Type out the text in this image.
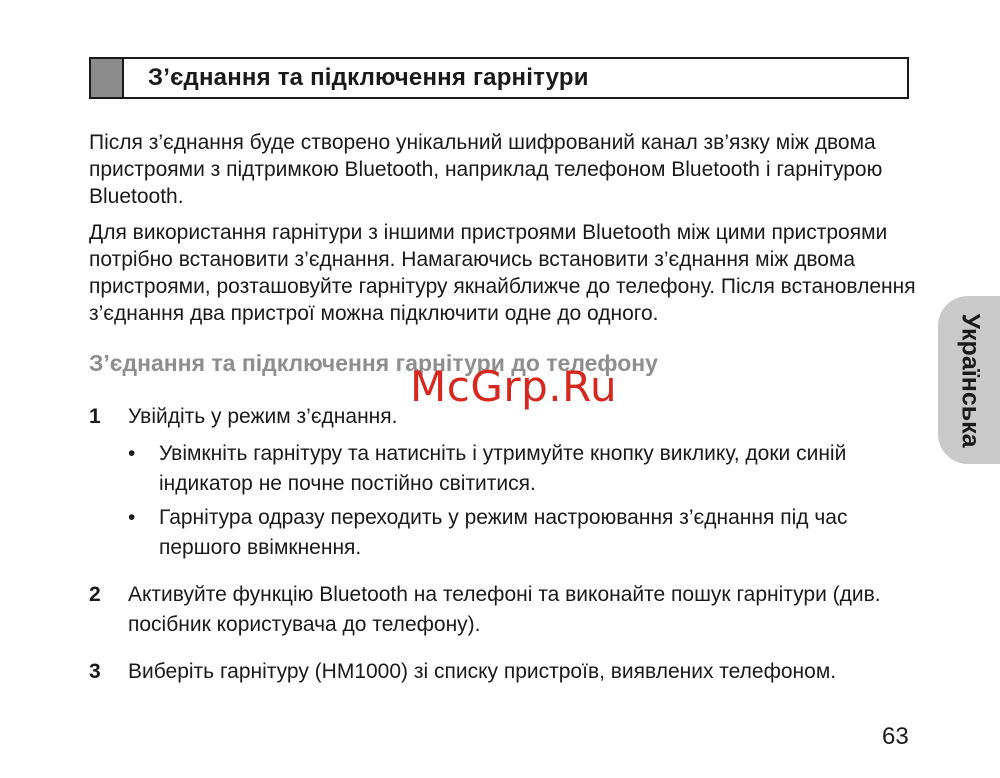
З’єднання та підключення гарнітури
Після з’єднання буде створено унікальний шифрований канал зв’язку між двома пристроями з підтримкою Bluetooth, наприклад телефоном Bluetooth і гарнітурою Bluetooth.
Для використання гарнітури з іншими пристроями Bluetooth між цими пристроями потрібно встановити з’єднання. Намагаючись встановити з’єднання між двома пристроями, розташовуйте гарнітуру якнайближче до телефону. Після встановлення з’єднання два пристрої можна підключити одне до одного.
З’єднання та підключення гарнітури до телефону
1	Увійдіть у режим з’єднання.
•	Увімкніть гарнітуру та натисніть і утримуйте кнопку виклику, доки синій індикатор не почне постійно світитися.
•	Гарнітура одразу переходить у режим настроювання з’єднання під час першого ввімкнення.
2	Активуйте функцію Bluetooth на телефоні та виконайте пошук гарнітури (див. посібник користувача до телефону).
3	Виберіть гарнітуру (HM1000) зі списку пристроїв, виявлених телефоном.
Українська
McGrp.Ru
63
